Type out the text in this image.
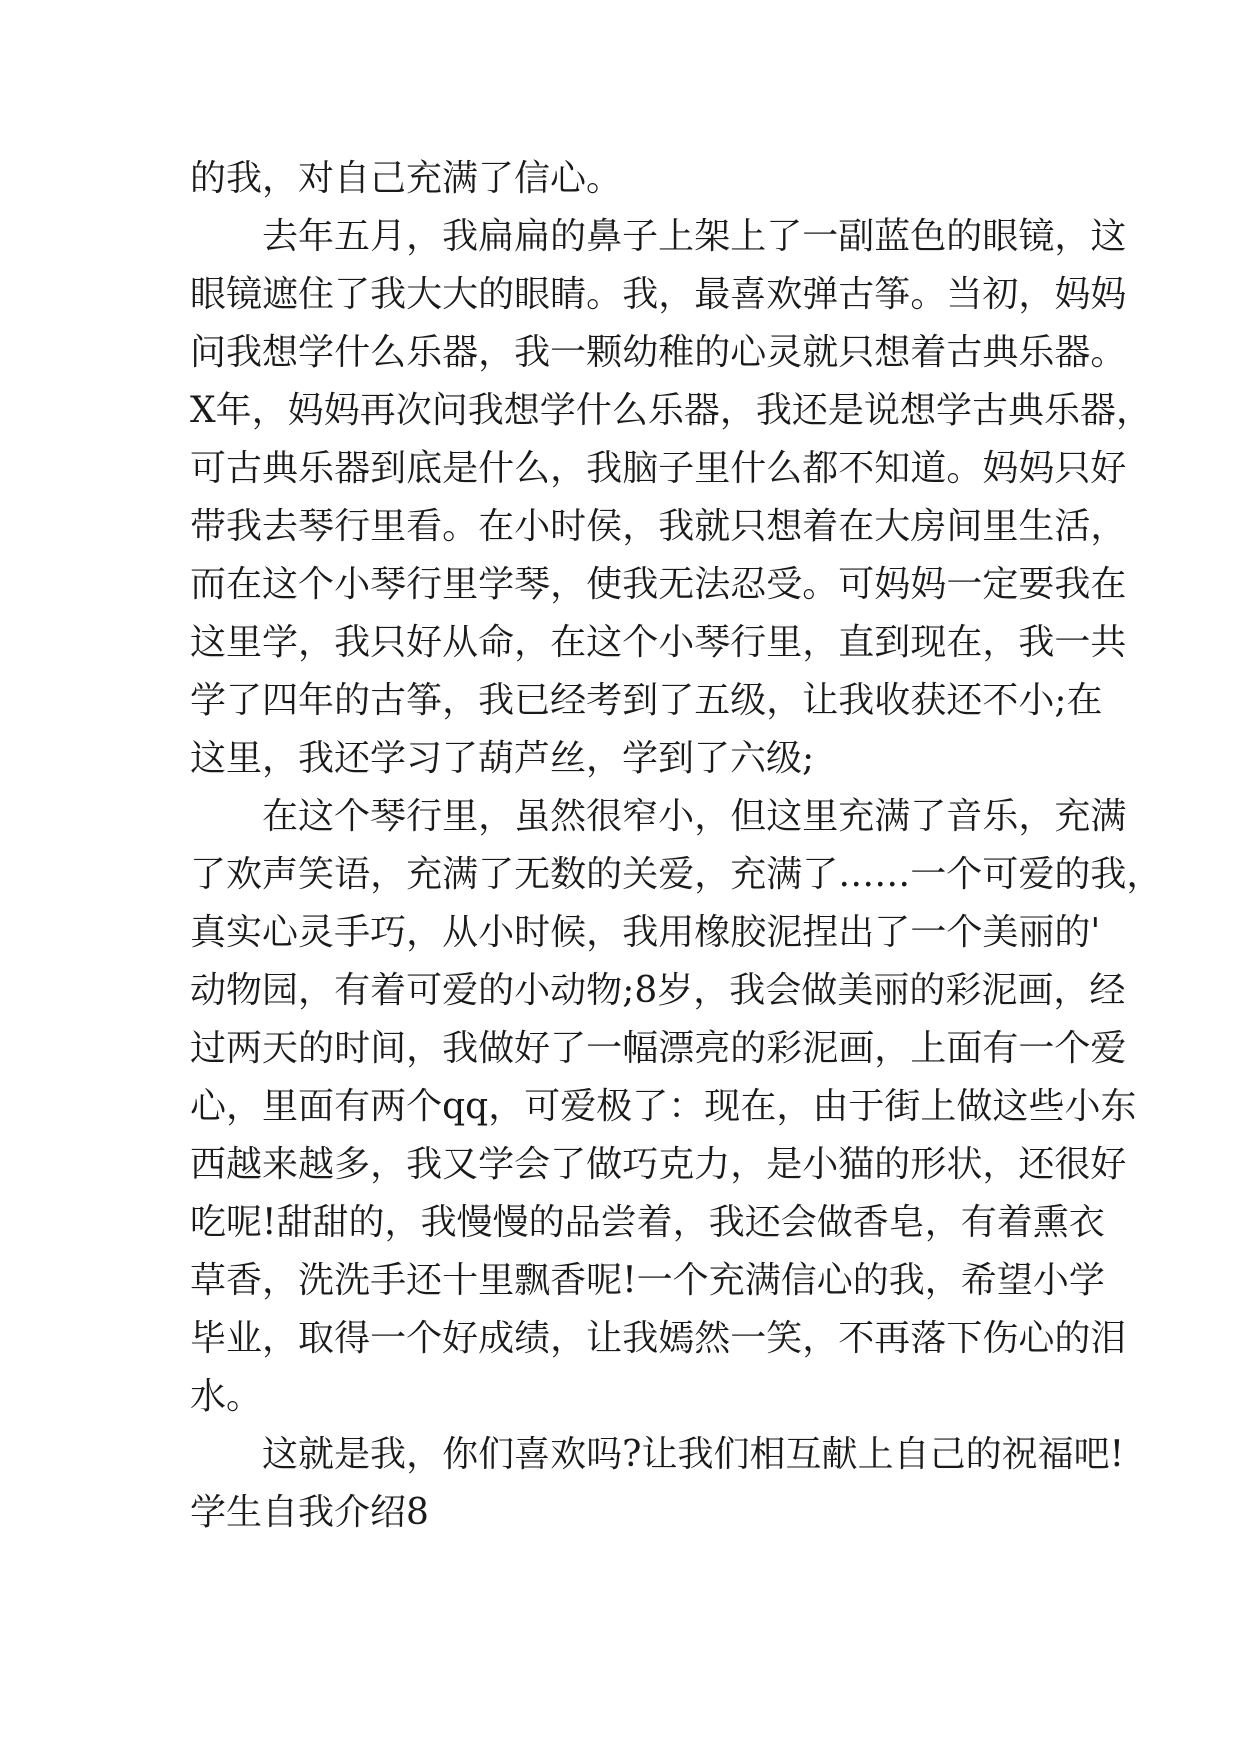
的我，对自己充满了信心。
去 年 五 月 ， 我 扁 扁 的 鼻 子 上 架 上 了 一 副 蓝 色 的 眼 镜 ， 这
眼 镜 遮 住 了 我 大 大 的 眼 睛 。 我 ， 最 喜 欢 弹 古 筝 。 当 初 ， 妈 妈
问 我 想 学 什 么 乐 器 ， 我 一 颗 幼 稚 的 心 灵 就 只 想 着 古 典 乐 器 。
X 年 ， 妈 妈 再 次 问 我 想 学 什 么 乐 器 ， 我 还 是 说 想 学 古 典 乐 器 ，
可 古 典 乐 器 到 底 是 什 么 ， 我 脑 子 里 什 么 都 不 知 道 。 妈 妈 只 好
带 我 去 琴 行 里 看 。 在 小 时 侯 ， 我 就 只 想 着 在 大 房 间 里 生 活 ，
而 在 这 个 小 琴 行 里 学 琴 ， 使 我 无 法 忍 受 。 可 妈 妈 一 定 要 我 在
这 里 学 ， 我 只 好 从 命 ， 在 这 个 小 琴 行 里 ， 直 到 现 在 ， 我 一 共
学 了 四 年 的 古 筝 ， 我 已 经 考 到 了 五 级 ， 让 我 收 获 还 不 小 ; 在
这里，我还学习了葫芦丝，学到了六级;
在 这 个 琴 行 里 ， 虽 然 很 窄 小 ， 但 这 里 充 满 了 音 乐 ， 充 满
了 欢 声 笑 语 ， 充 满 了 无 数 的 关 爱 ， 充 满 了 … … 一 个 可 爱 的 我 ，
真 实 心 灵 手 巧 ， 从 小 时 候 ， 我 用 橡 胶 泥 捏 出 了 一 个 美 丽 的 '
动 物 园 ， 有 着 可 爱 的 小 动 物 ; 8 岁 ， 我 会 做 美 丽 的 彩 泥 画 ， 经
过 两 天 的 时 间 ， 我 做 好 了 一 幅 漂 亮 的 彩 泥 画 ， 上 面 有 一 个 爱
心 ， 里 面 有 两 个 q q ， 可 爱 极 了 ： 现 在 ， 由 于 街 上 做 这 些 小 东
西 越 来 越 多 ， 我 又 学 会 了 做 巧 克 力 ， 是 小 猫 的 形 状 ， 还 很 好
吃 呢 ! 甜 甜 的 ， 我 慢 慢 的 品 尝 着 ， 我 还 会 做 香 皂 ， 有 着 熏 衣
草 香 ， 洗 洗 手 还 十 里 飘 香 呢 ! 一 个 充 满 信 心 的 我 ， 希 望 小 学
毕 业 ， 取 得 一 个 好 成 绩 ， 让 我 嫣 然 一 笑 ， 不 再 落 下 伤 心 的 泪
水。
这 就 是 我 ， 你 们 喜 欢 吗 ? 让 我 们 相 互 献 上 自 己 的 祝 福 吧 !
学生自我介绍8
